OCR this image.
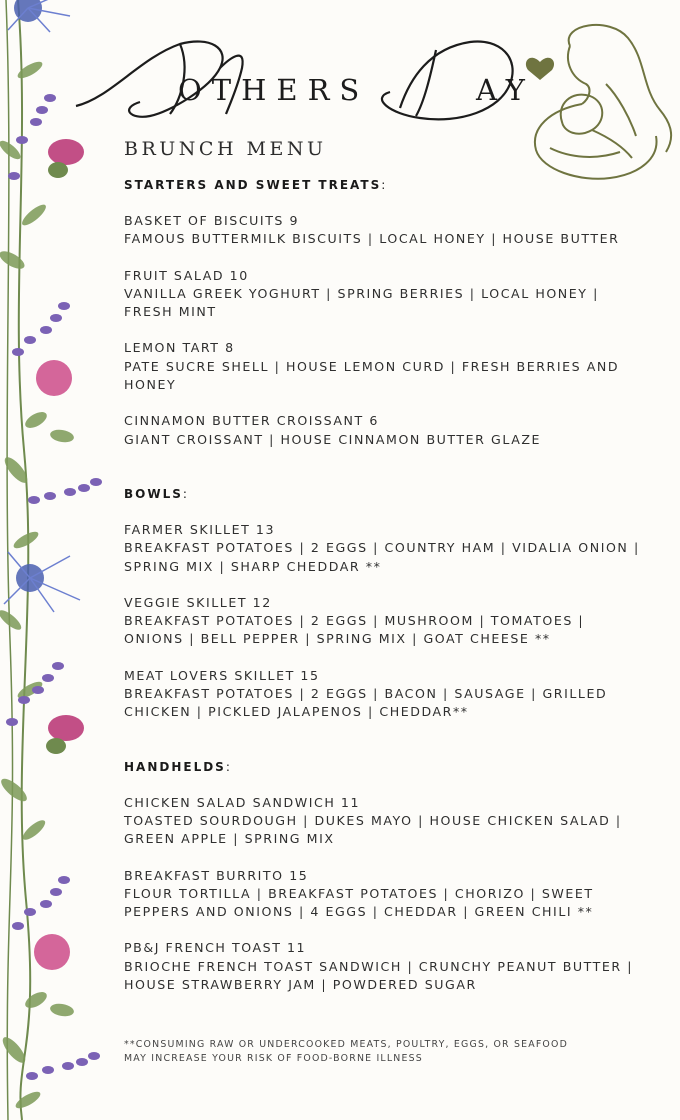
OTHERS	AY
BRUNCH MENU
STARTERS AND SWEET TREATS:
BASKET OF BISCUITS 9
FAMOUS BUTTERMILK BISCUITS | LOCAL HONEY | HOUSE BUTTER
FRUIT SALAD 10
VANILLA GREEK YOGHURT | SPRING BERRIES | LOCAL HONEY | FRESH MINT
LEMON TART 8
PATE SUCRE SHELL | HOUSE LEMON CURD | FRESH BERRIES AND HONEY
CINNAMON BUTTER CROISSANT 6
GIANT CROISSANT | HOUSE CINNAMON BUTTER GLAZE
BOWLS:
FARMER SKILLET 13
BREAKFAST POTATOES | 2 EGGS | COUNTRY HAM | VIDALIA ONION | SPRING MIX | SHARP CHEDDAR **
VEGGIE SKILLET 12
BREAKFAST POTATOES | 2 EGGS | MUSHROOM | TOMATOES | ONIONS | BELL PEPPER | SPRING MIX | GOAT CHEESE **
MEAT LOVERS SKILLET 15
BREAKFAST POTATOES | 2 EGGS | BACON | SAUSAGE | GRILLED CHICKEN | PICKLED JALAPENOS | CHEDDAR**
HANDHELDS:
CHICKEN SALAD SANDWICH 11
TOASTED SOURDOUGH | DUKES MAYO | HOUSE CHICKEN SALAD | GREEN APPLE | SPRING MIX
BREAKFAST BURRITO 15
FLOUR TORTILLA | BREAKFAST POTATOES | CHORIZO | SWEET PEPPERS AND ONIONS | 4 EGGS | CHEDDAR | GREEN CHILI **
PB&J FRENCH TOAST 11
BRIOCHE FRENCH TOAST SANDWICH | CRUNCHY PEANUT BUTTER | HOUSE STRAWBERRY JAM | POWDERED SUGAR
**CONSUMING RAW OR UNDERCOOKED MEATS, POULTRY, EGGS, OR SEAFOOD MAY INCREASE YOUR RISK OF FOOD-BORNE ILLNESS
